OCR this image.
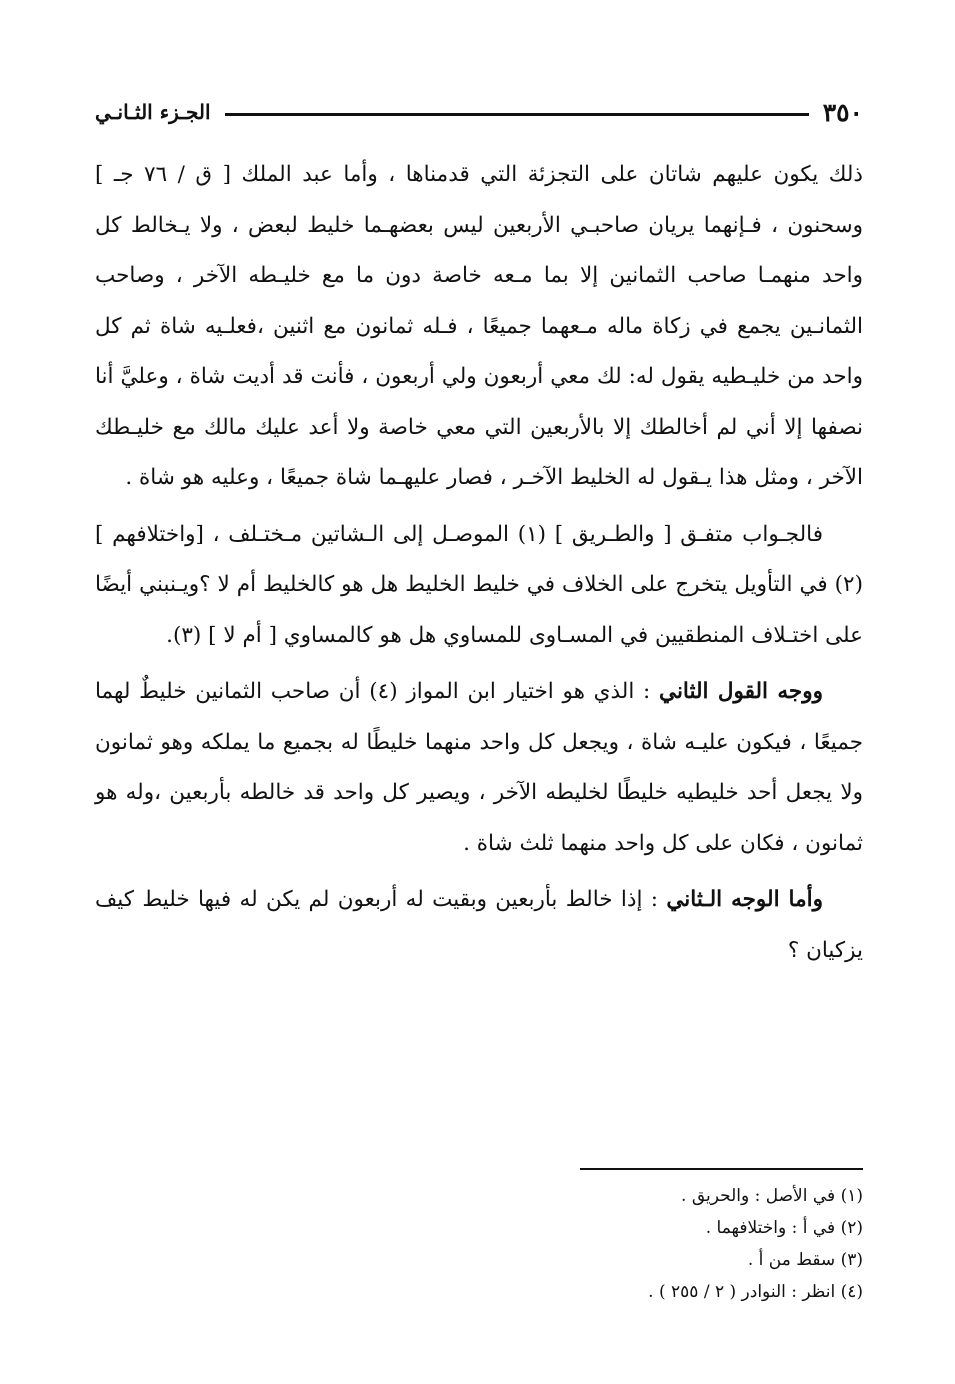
٣٥٠
الجـزء الثـانـي

ذلك يكون عليهم شاتان على التجزئة التي قدمناها ، وأما عبد الملك [ ق / ٧٦ جـ ] وسحنون ، فـإنهما يريان صاحبـي الأربعين ليس بعضهـما خليط لبعض ، ولا يـخالط كل واحد منهمـا صاحب الثمانين إلا بما مـعه خاصة دون ما مع خليـطه الآخر ، وصاحب الثمانـين يجمع في زكاة ماله مـعهما جميعًا ، فـله ثمانون مع اثنين ،فعلـيه شاة ثم كل واحد من خليـطيه يقول له: لك معي أربعون ولي أربعون ، فأنت قد أديت شاة ، وعليَّ أنا نصفها إلا أني لم أخالطك إلا بالأربعين التي معي خاصة ولا أعد عليك مالك مع خليـطك الآخر ، ومثل هذا يـقول له الخليط الآخـر ، فصار عليهـما شاة جميعًا ، وعليه هو شاة .

فالجـواب متفـق [ والطـريق ] (١) الموصـل إلى الـشاتين مـختـلف ، [واختلافهم ] (٢) في التأويل يتخرج على الخلاف في خليط الخليط هل هو كالخليط أم لا ؟ويـنبني أيضًا على اختـلاف المنطقيين في المسـاوى للمساوي هل هو كالمساوي [ أم لا ] (٣).

ووجه القول الثاني : الذي هو اختيار ابن المواز (٤) أن صاحب الثمانين خليطٌ لهما جميعًا ، فيكون عليـه شاة ، ويجعل كل واحد منهما خليطًا له بجميع ما يملكه وهو ثمانون ولا يجعل أحد خليطيه خليطًا لخليطه الآخر ، ويصير كل واحد قد خالطه بأربعين ،وله هو ثمانون ، فكان على كل واحد منهما ثلث شاة .

وأما الوجه الـثاني : إذا خالط بأربعين وبقيت له أربعون لم يكن له فيها خليط كيف يزكيان ؟

(١) في الأصل : والحريق .

(٢) في أ : واختلافهما .

(٣) سقط من أ .

(٤) انظر : النوادر ( ٢ / ٢٥٥ ) .
